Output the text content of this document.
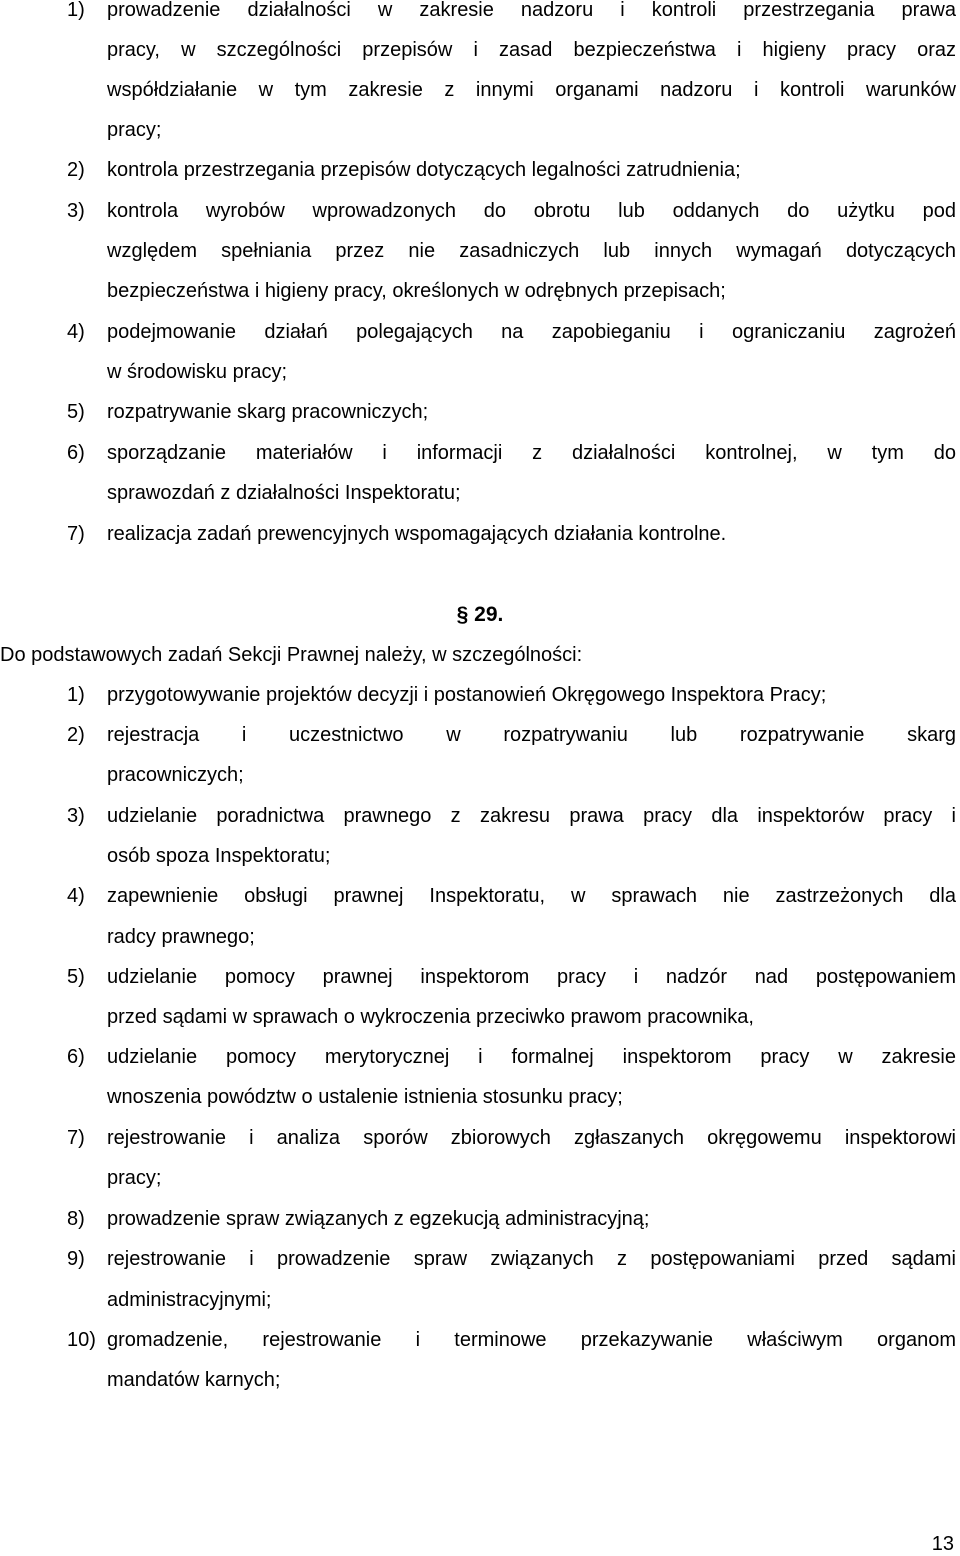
1) prowadzenie działalności w zakresie nadzoru i kontroli przestrzegania prawa
pracy, w szczególności przepisów i zasad bezpieczeństwa i higieny pracy oraz
współdziałanie w tym zakresie z innymi organami nadzoru i kontroli warunków
pracy;
2) kontrola przestrzegania przepisów dotyczących legalności zatrudnienia;
3) kontrola wyrobów wprowadzonych do obrotu lub oddanych do użytku pod
względem spełniania przez nie zasadniczych lub innych wymagań dotyczących
bezpieczeństwa i higieny pracy, określonych w odrębnych przepisach;
4) podejmowanie działań polegających na zapobieganiu i ograniczaniu zagrożeń
w środowisku pracy;
5) rozpatrywanie skarg pracowniczych;
6) sporządzanie materiałów i informacji z działalności kontrolnej, w tym do
sprawozdań z działalności Inspektoratu;
7) realizacja zadań prewencyjnych wspomagających działania kontrolne.
§ 29.
Do podstawowych zadań Sekcji Prawnej należy, w szczególności:
1) przygotowywanie projektów decyzji i postanowień Okręgowego Inspektora Pracy;
2) rejestracja i uczestnictwo w rozpatrywaniu lub rozpatrywanie skarg
pracowniczych;
3) udzielanie poradnictwa prawnego z zakresu prawa pracy dla inspektorów pracy i
osób spoza Inspektoratu;
4) zapewnienie obsługi prawnej Inspektoratu, w sprawach nie zastrzeżonych dla
radcy prawnego;
5) udzielanie pomocy prawnej inspektorom pracy i nadzór nad postępowaniem
przed sądami w sprawach o wykroczenia przeciwko prawom pracownika,
6) udzielanie pomocy merytorycznej i formalnej inspektorom pracy w zakresie
wnoszenia powództw o ustalenie istnienia stosunku pracy;
7) rejestrowanie i analiza sporów zbiorowych zgłaszanych okręgowemu inspektorowi
pracy;
8) prowadzenie spraw związanych z egzekucją administracyjną;
9) rejestrowanie i prowadzenie spraw związanych z postępowaniami przed sądami
administracyjnymi;
10) gromadzenie, rejestrowanie i terminowe przekazywanie właściwym organom
mandatów karnych;
13
